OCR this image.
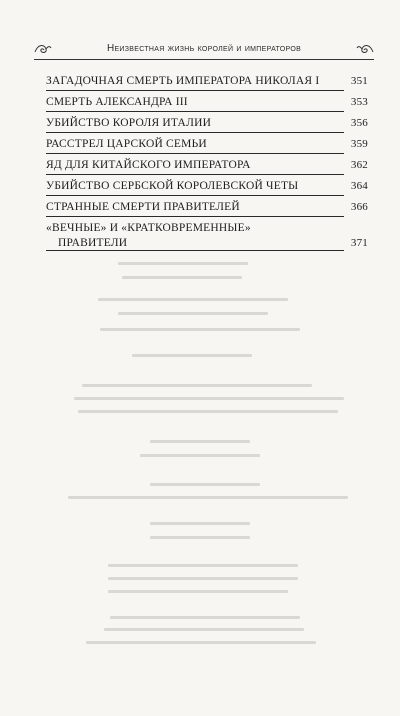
Неизвестная жизнь королей и императоров
ЗАГАДОЧНАЯ СМЕРТЬ ИМПЕРАТОРА НИКОЛАЯ I	351
СМЕРТЬ АЛЕКСАНДРА III	353
УБИЙСТВО КОРОЛЯ ИТАЛИИ	356
РАССТРЕЛ ЦАРСКОЙ СЕМЬИ	359
ЯД ДЛЯ КИТАЙСКОГО ИМПЕРАТОРА	362
УБИЙСТВО СЕРБСКОЙ КОРОЛЕВСКОЙ ЧЕТЫ	364
СТРАННЫЕ СМЕРТИ ПРАВИТЕЛЕЙ	366
«ВЕЧНЫЕ» И «КРАТКОВРЕМЕННЫЕ»
ПРАВИТЕЛИ	371
